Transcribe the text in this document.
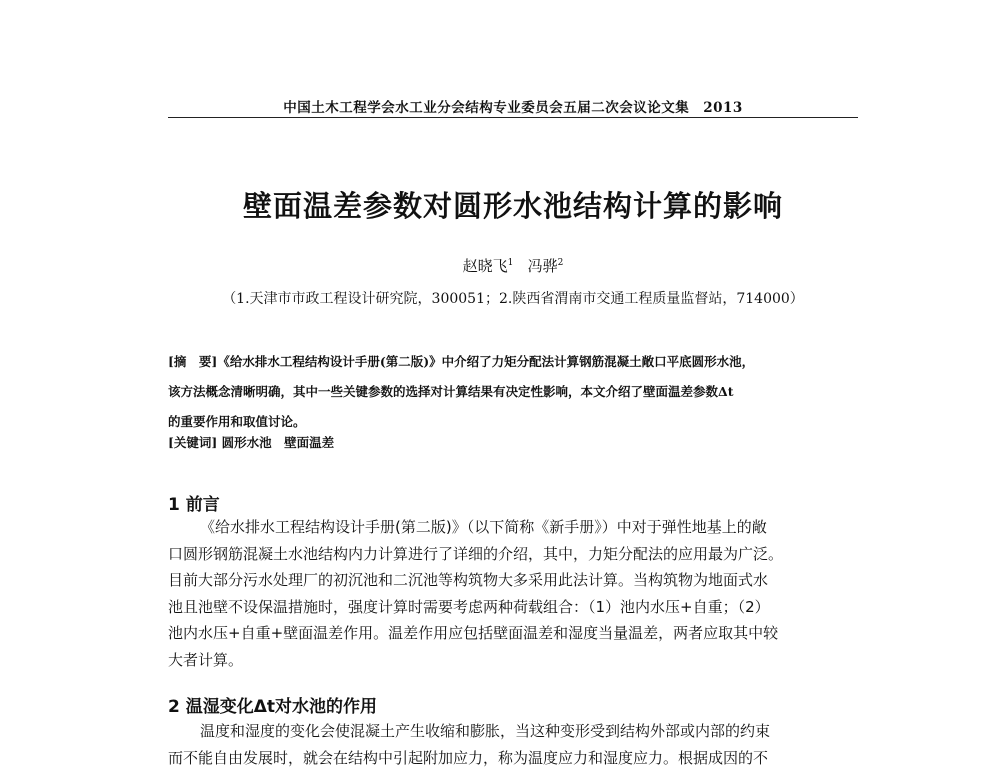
中国土木工程学会水工业分会结构专业委员会五届二次会议论文集　2013
壁面温差参数对圆形水池结构计算的影响
赵晓飞$^1$ 冯骅$^2$
（1.天津市市政工程设计研究院，300051；2.陕西省渭南市交通工程质量监督站，714000）
[摘　要]《给水排水工程结构设计手册(第二版)》中介绍了力矩分配法计算钢筋混凝土敞口平底圆形水池，
该方法概念清晰明确，其中一些关键参数的选择对计算结果有决定性影响，本文介绍了壁面温差参数Δt
的重要作用和取值讨论。
[关键词] 圆形水池　壁面温差
1 前言
《给水排水工程结构设计手册(第二版)》（以下简称《新手册》）中对于弹性地基上的敞
口圆形钢筋混凝土水池结构内力计算进行了详细的介绍，其中，力矩分配法的应用最为广泛。
目前大部分污水处理厂的初沉池和二沉池等构筑物大多采用此法计算。当构筑物为地面式水
池且池壁不设保温措施时，强度计算时需要考虑两种荷载组合：（1）池内水压+自重；（2）
池内水压+自重+壁面温差作用。温差作用应包括壁面温差和湿度当量温差，两者应取其中较
大者计算。
2 温湿变化Δt对水池的作用
温度和湿度的变化会使混凝土产生收缩和膨胀，当这种变形受到结构外部或内部的约束
而不能自由发展时，就会在结构中引起附加应力，称为温度应力和湿度应力。根据成因的不
